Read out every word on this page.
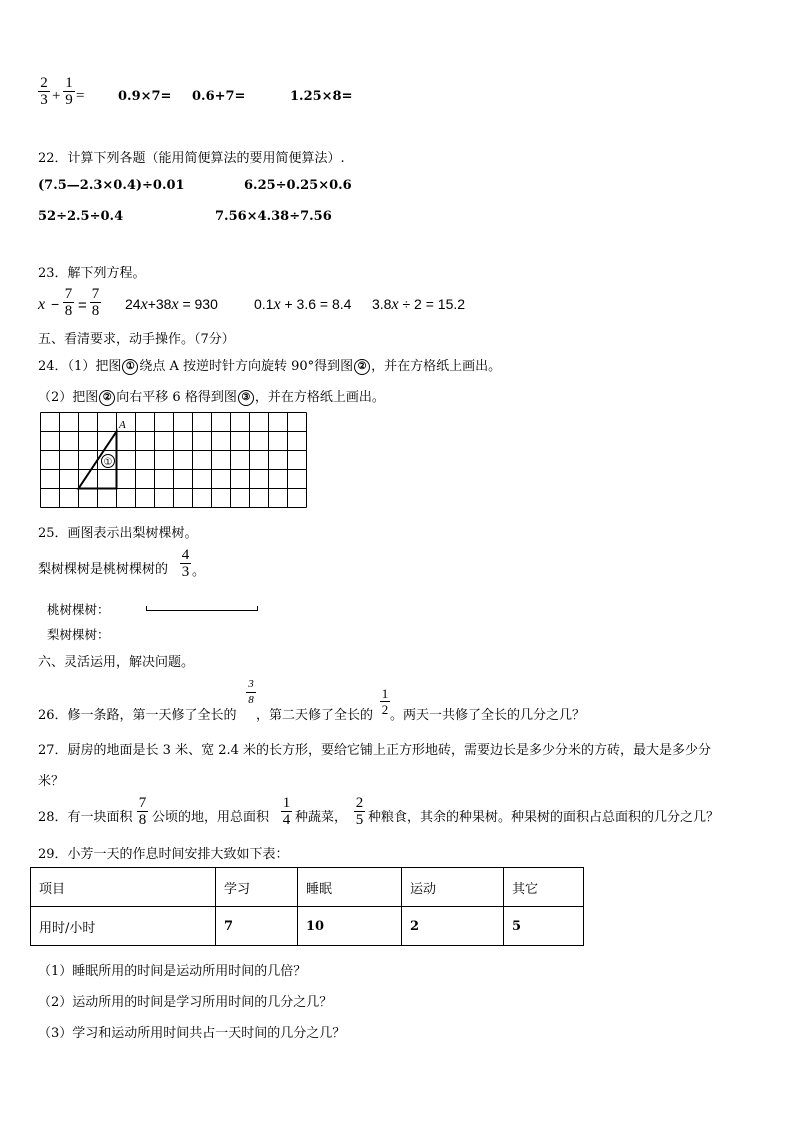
2
3 +
1
9 =	0.9×7= 0.6+7=	1.25×8=
22．计算下列各题（能用简便算法的要用简便算法）.
(7.5—2.3×0.4)÷0.01	6.25÷0.25×0.6
52÷2.5÷0.4	7.56×4.38÷7.56
23．解下列方程。
x −
7
8 =
7
8 24x+38x = 930	0.1x + 3.6 = 8.4 3.8x ÷ 2 = 15.2
五、看清要求，动手操作。（7分）
24．（1）把图 ① 绕点 A 按逆时针方向旋转 90°得到图 ② ，并在方格纸上画出。
（2）把图 ② 向右平移 6 格得到图 ③ ，并在方格纸上画出。
A
①
25．画图表示出梨树棵树。
梨树棵树是桃树棵树的
4
3 。
桃树棵树：
梨树棵树：
六、灵活运用，解决问题。
26．修一条路，第一天修了全长的
3
8
，第二天修了全长的
1
2 。两天一共修了全长的几分之几？
27．厨房的地面是长 3 米、宽 2.4 米的长方形，要给它铺上正方形地砖，需要边长是多少分米的方砖，最大是多少分
米？
28．有一块面积
7
8 公顷的地，用总面积
1
4 种蔬菜，
2
5 种粮食，其余的种果树。种果树的面积占总面积的几分之几？
29．小芳一天的作息时间安排大致如下表：
项目	学习	睡眠	运动	其它
用时/小时	7	10	2	5
（1）睡眠所用的时间是运动所用时间的几倍？
（2）运动所用的时间是学习所用时间的几分之几？
（3）学习和运动所用时间共占一天时间的几分之几？
